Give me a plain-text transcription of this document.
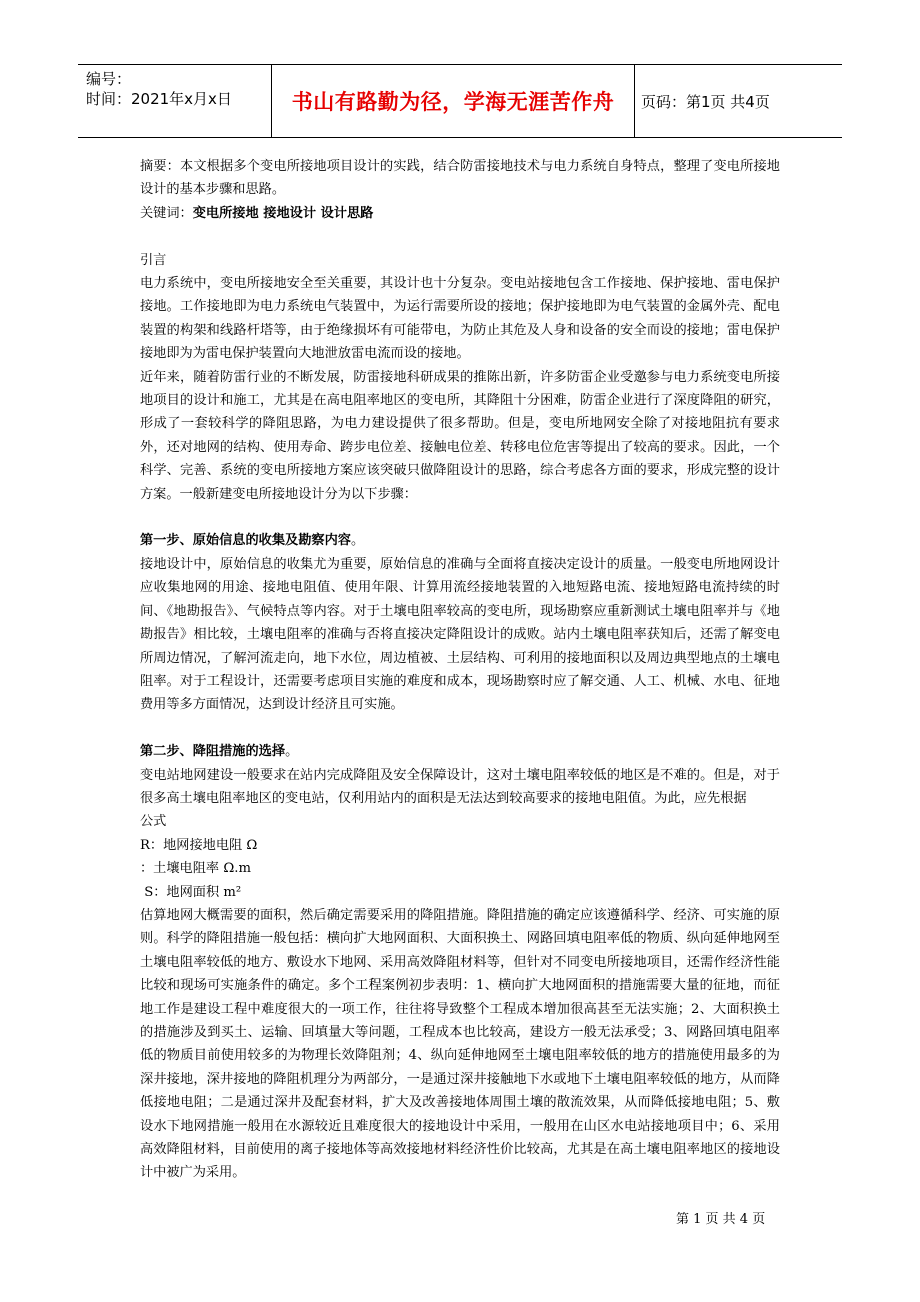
编号：
时间：2021年x月x日	书山有路勤为径，学海无涯苦作舟	页码：第1页 共4页

摘要：本文根据多个变电所接地项目设计的实践，结合防雷接地技术与电力系统自身特点，整理了变电所接地设计的基本步骤和思路。

关键词：变电所接地 接地设计 设计思路

引言

电力系统中，变电所接地安全至关重要，其设计也十分复杂。变电站接地包含工作接地、保护接地、雷电保护接地。工作接地即为电力系统电气装置中，为运行需要所设的接地；保护接地即为电气装置的金属外壳、配电装置的构架和线路杆塔等，由于绝缘损坏有可能带电，为防止其危及人身和设备的安全而设的接地；雷电保护接地即为为雷电保护装置向大地泄放雷电流而设的接地。

近年来，随着防雷行业的不断发展，防雷接地科研成果的推陈出新，许多防雷企业受邀参与电力系统变电所接地项目的设计和施工，尤其是在高电阻率地区的变电所，其降阻十分困难，防雷企业进行了深度降阻的研究，形成了一套较科学的降阻思路，为电力建设提供了很多帮助。但是，变电所地网安全除了对接地阻抗有要求外，还对地网的结构、使用寿命、跨步电位差、接触电位差、转移电位危害等提出了较高的要求。因此，一个科学、完善、系统的变电所接地方案应该突破只做降阻设计的思路，综合考虑各方面的要求，形成完整的设计方案。一般新建变电所接地设计分为以下步骤：

第一步、原始信息的收集及勘察内容。

接地设计中，原始信息的收集尤为重要，原始信息的准确与全面将直接决定设计的质量。一般变电所地网设计应收集地网的用途、接地电阻值、使用年限、计算用流经接地装置的入地短路电流、接地短路电流持续的时间、《地勘报告》、气候特点等内容。对于土壤电阻率较高的变电所，现场勘察应重新测试土壤电阻率并与《地勘报告》相比较，土壤电阻率的准确与否将直接决定降阻设计的成败。站内土壤电阻率获知后，还需了解变电所周边情况，了解河流走向，地下水位，周边植被、土层结构、可利用的接地面积以及周边典型地点的土壤电阻率。对于工程设计，还需要考虑项目实施的难度和成本，现场勘察时应了解交通、人工、机械、水电、征地费用等多方面情况，达到设计经济且可实施。

第二步、降阻措施的选择。

变电站地网建设一般要求在站内完成降阻及安全保障设计，这对土壤电阻率较低的地区是不难的。但是，对于很多高土壤电阻率地区的变电站，仅利用站内的面积是无法达到较高要求的接地电阻值。为此，应先根据

公式

R：地网接地电阻 Ω

：土壤电阻率 Ω.m

S：地网面积 m²

估算地网大概需要的面积，然后确定需要采用的降阻措施。降阻措施的确定应该遵循科学、经济、可实施的原则。科学的降阻措施一般包括：横向扩大地网面积、大面积换土、网路回填电阻率低的物质、纵向延伸地网至土壤电阻率较低的地方、敷设水下地网、采用高效降阻材料等，但针对不同变电所接地项目，还需作经济性能比较和现场可实施条件的确定。多个工程案例初步表明：1、横向扩大地网面积的措施需要大量的征地，而征地工作是建设工程中难度很大的一项工作，往往将导致整个工程成本增加很高甚至无法实施；2、大面积换土的措施涉及到买土、运输、回填量大等问题，工程成本也比较高，建设方一般无法承受；3、网路回填电阻率低的物质目前使用较多的为物理长效降阻剂；4、纵向延伸地网至土壤电阻率较低的地方的措施使用最多的为深井接地，深井接地的降阻机理分为两部分，一是通过深井接触地下水或地下土壤电阻率较低的地方，从而降低接地电阻；二是通过深井及配套材料，扩大及改善接地体周围土壤的散流效果，从而降低接地电阻；5、敷设水下地网措施一般用在水源较近且难度很大的接地设计中采用，一般用在山区水电站接地项目中；6、采用高效降阻材料，目前使用的离子接地体等高效接地材料经济性价比较高，尤其是在高土壤电阻率地区的接地设计中被广为采用。

第 1 页 共 4 页
